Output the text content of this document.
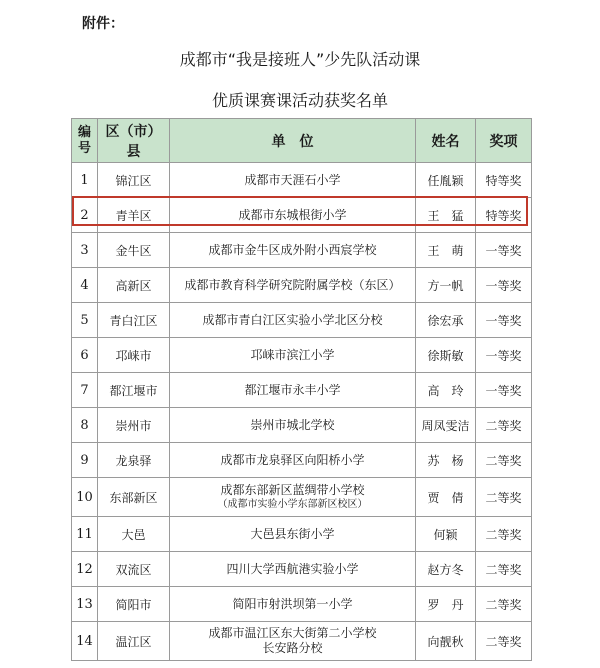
附件：
成都市“我是接班人”少先队活动课
优质课赛课活动获奖名单
编号	区（市）县	单　位	姓名	奖项
1	锦江区	成都市天涯石小学	任胤颖	特等奖
2	青羊区	成都市东城根街小学	王　猛	特等奖
3	金牛区	成都市金牛区成外附小西宸学校	王　萌	一等奖
4	高新区	成都市教育科学研究院附属学校（东区）	方一帆	一等奖
5	青白江区	成都市青白江区实验小学北区分校	徐宏承	一等奖
6	邛崃市	邛崃市滨江小学	徐斯敏	一等奖
7	都江堰市	都江堰市永丰小学	高　玲	一等奖
8	崇州市	崇州市城北学校	周凤雯洁	二等奖
9	龙泉驿	成都市龙泉驿区向阳桥小学	苏　杨	二等奖
10	东部新区	成都东部新区蓝绸带小学校
（成都市实验小学东部新区校区）	贾　倩	二等奖
11	大邑	大邑县东街小学	何颖	二等奖
12	双流区	四川大学西航港实验小学	赵方冬	二等奖
13	简阳市	简阳市射洪坝第一小学	罗　丹	二等奖
14	温江区	成都市温江区东大街第二小学校
长安路分校	向靓秋	二等奖
